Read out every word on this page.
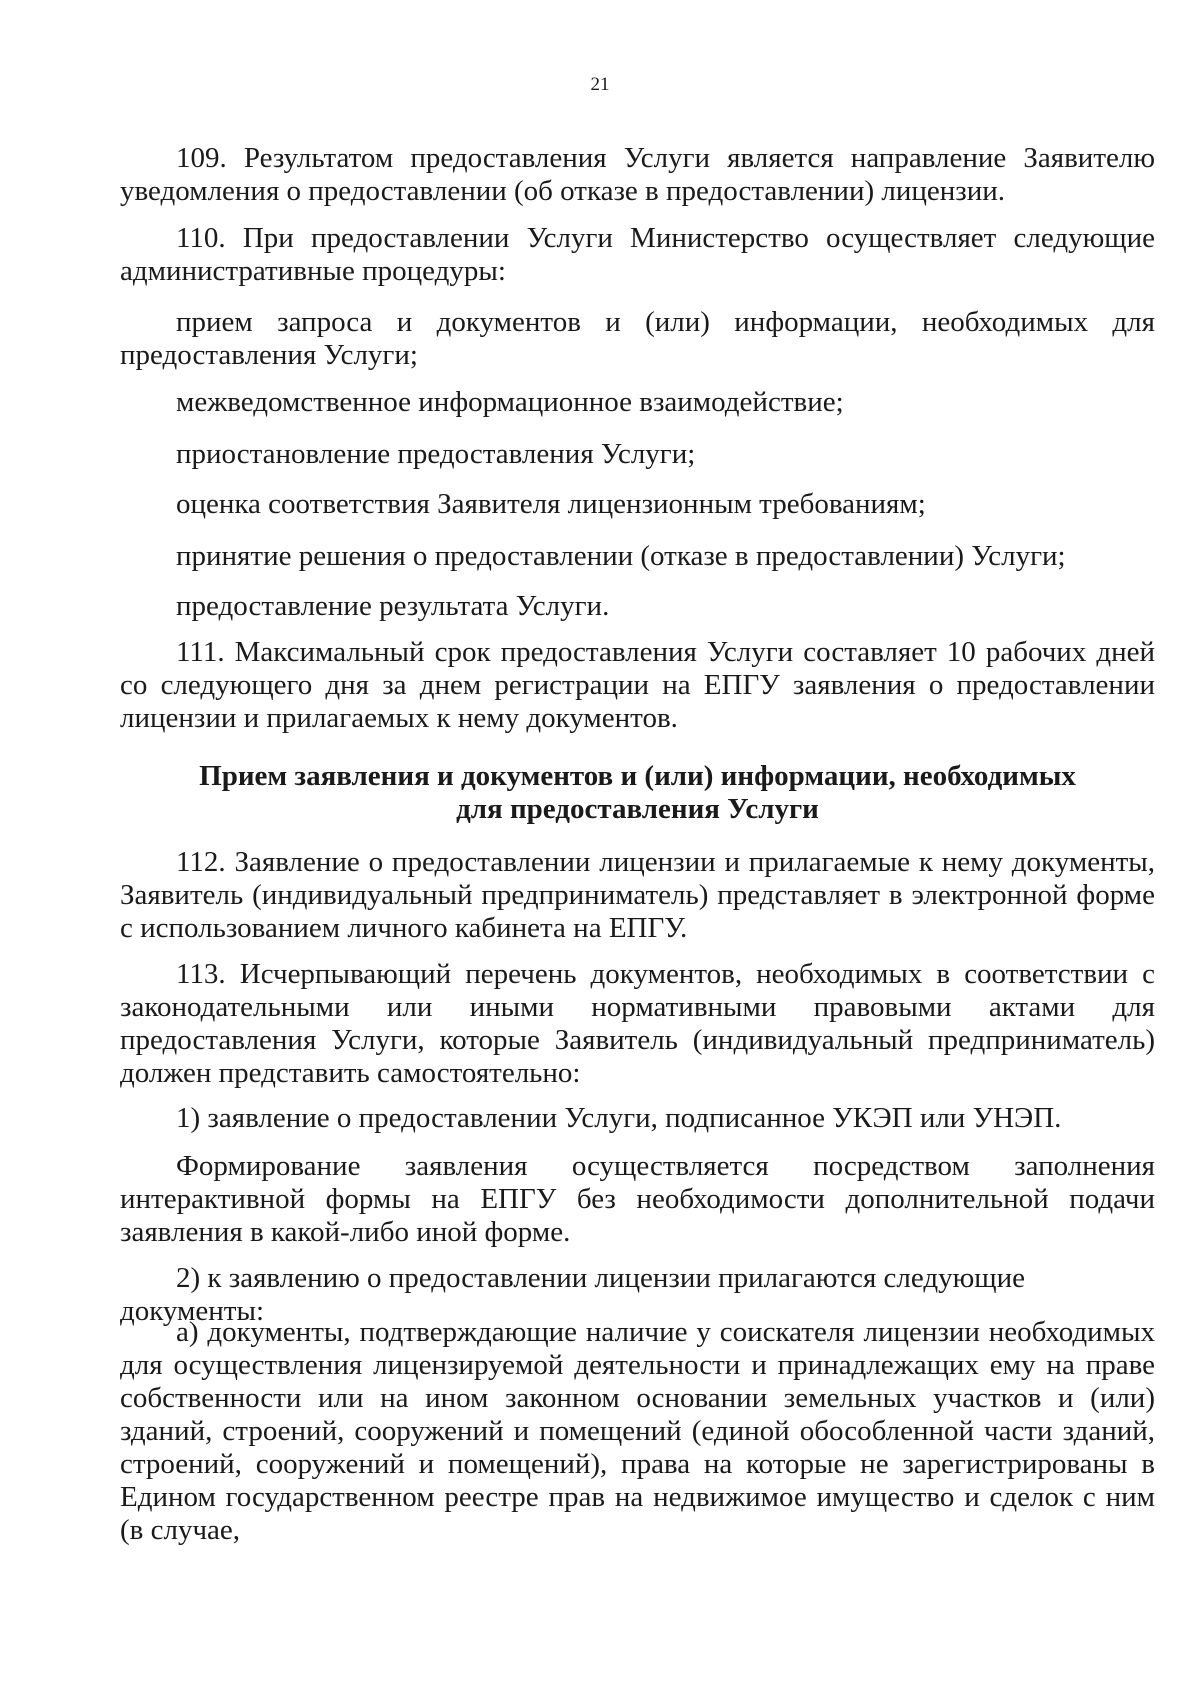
21

109. Результатом предоставления Услуги является направление Заявителю уведомления о предоставлении (об отказе в предоставлении) лицензии.

110. При предоставлении Услуги Министерство осуществляет следующие административные процедуры:

прием запроса и документов и (или) информации, необходимых для предоставления Услуги;

межведомственное информационное взаимодействие;

приостановление предоставления Услуги;

оценка соответствия Заявителя лицензионным требованиям;

принятие решения о предоставлении (отказе в предоставлении) Услуги;

предоставление результата Услуги.

111. Максимальный срок предоставления Услуги составляет 10 рабочих дней со следующего дня за днем регистрации на ЕПГУ заявления о предоставлении лицензии и прилагаемых к нему документов.

Прием заявления и документов и (или) информации, необходимых
для предоставления Услуги

112. Заявление о предоставлении лицензии и прилагаемые к нему документы, Заявитель (индивидуальный предприниматель) представляет в электронной форме с использованием личного кабинета на ЕПГУ.

113. Исчерпывающий перечень документов, необходимых в соответствии с законодательными или иными нормативными правовыми актами для предоставления Услуги, которые Заявитель (индивидуальный предприниматель) должен представить самостоятельно:

1) заявление о предоставлении Услуги, подписанное УКЭП или УНЭП.

Формирование заявления осуществляется посредством заполнения интерактивной формы на ЕПГУ без необходимости дополнительной подачи заявления в какой-либо иной форме.

2) к заявлению о предоставлении лицензии прилагаются следующие документы:

а) документы, подтверждающие наличие у соискателя лицензии необходимых для осуществления лицензируемой деятельности и принадлежащих ему на праве собственности или на ином законном основании земельных участков и (или) зданий, строений, сооружений и помещений (единой обособленной части зданий, строений, сооружений и помещений), права на которые не зарегистрированы в Едином государственном реестре прав на недвижимое имущество и сделок с ним (в случае,
